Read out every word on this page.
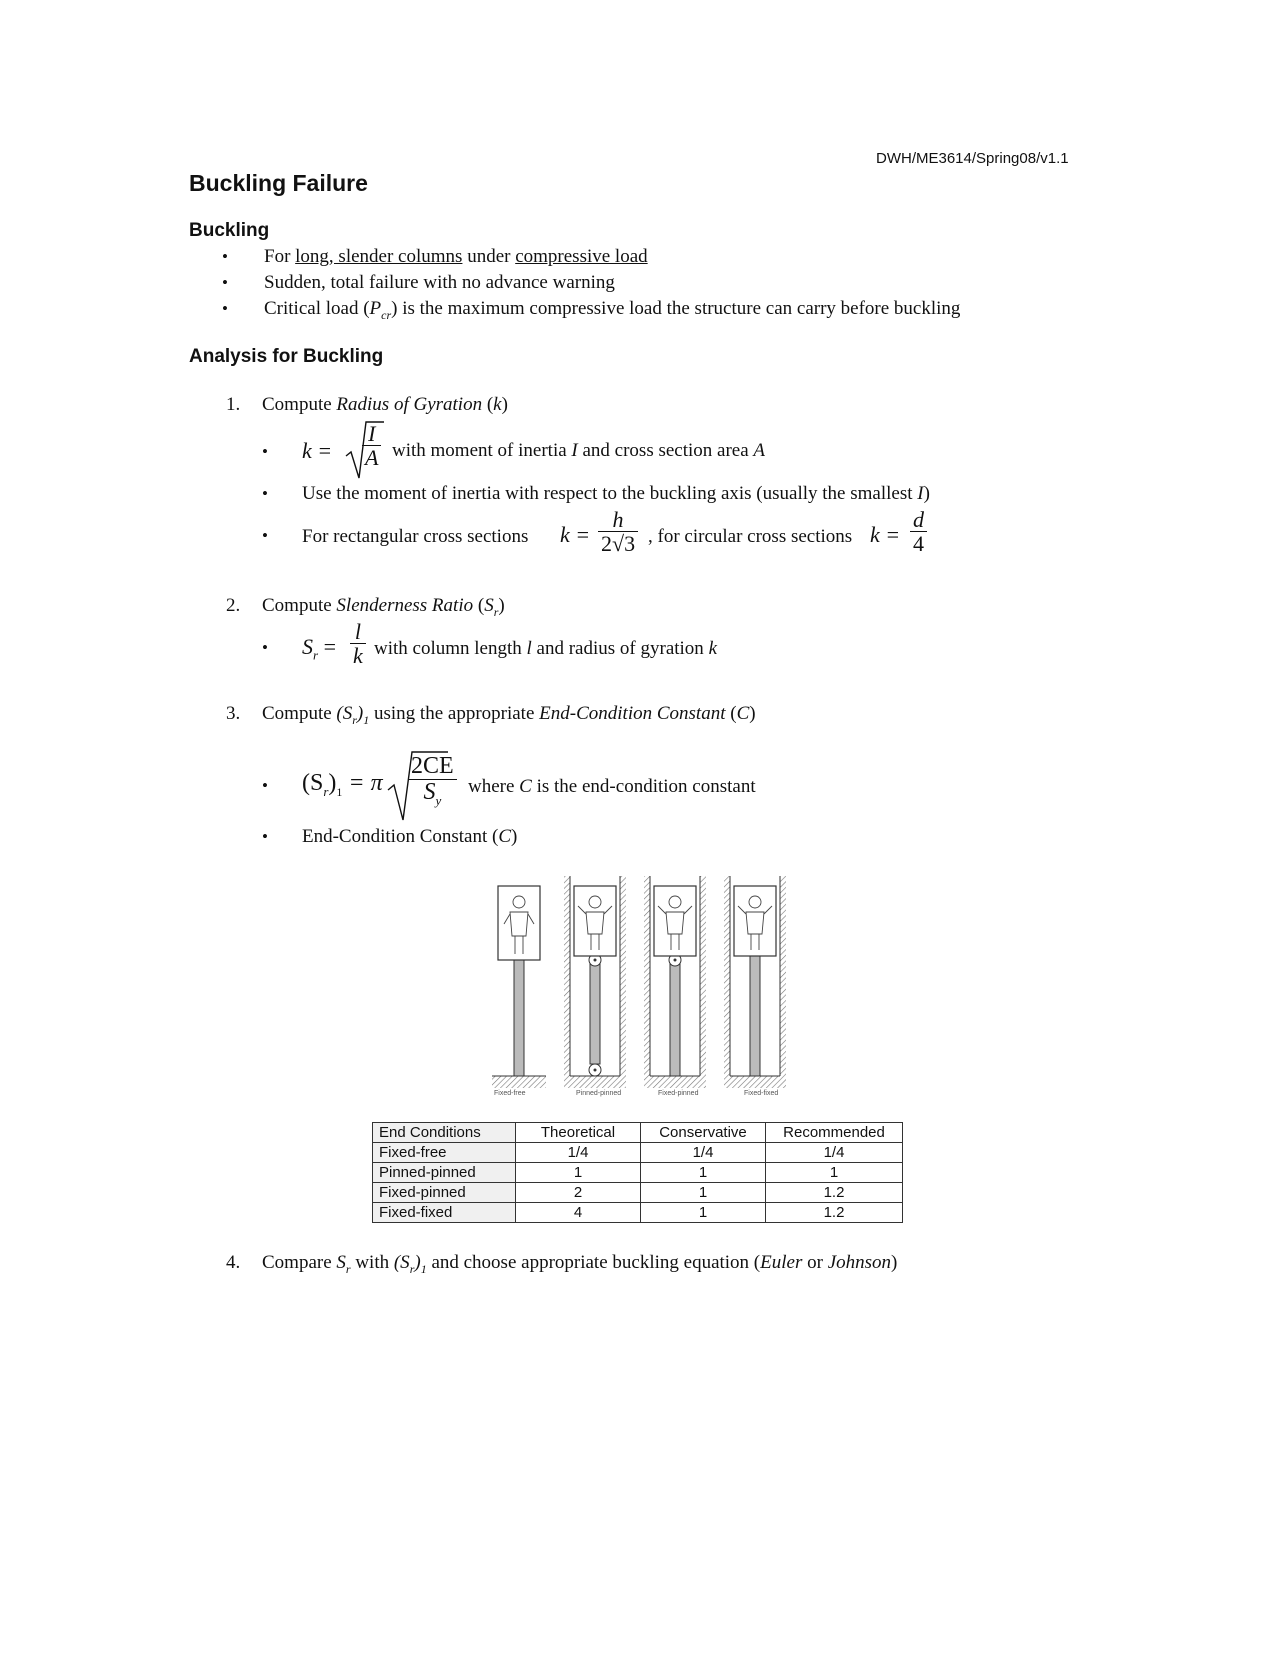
DWH/ME3614/Spring08/v1.1
Buckling Failure
Buckling
• For long, slender columns under compressive load
• Sudden, total failure with no advance warning
• Critical load $(P_{cr})$ is the maximum compressive load the structure can carry before buckling
Analysis for Buckling
1. Compute Radius of Gyration (k)
• $k = \frac{I}{A}$ with moment of inertia I and cross section area A
• Use the moment of inertia with respect to the buckling axis (usually the smallest I)
• For rectangular cross sections $k = \frac{h}{2√3}$ , for circular cross sections $k = \frac{d}{4}$
2. Compute Slenderness Ratio $(S_r)$
• $S_r = \frac{l}{k}$ with column length l and radius of gyration k
3. Compute $(S_r)_1$ using the appropriate End-Condition Constant (C)
• $(S_r)_1 = \pi \frac{2CE}{S_y}$ where C is the end-condition constant
• End-Condition Constant (C)
Fixed-free	Pinned-pinned	Fixed-pinned	Fixed-fixed
End Conditions	Theoretical	Conservative	Recommended
Fixed-free	1/4	1/4	1/4
Pinned-pinned	1	1	1
Fixed-pinned	2	1	1.2
Fixed-fixed	4	1	1.2
4. Compare $S_r$ with $(S_r)_1$ and choose appropriate buckling equation (Euler or Johnson)
